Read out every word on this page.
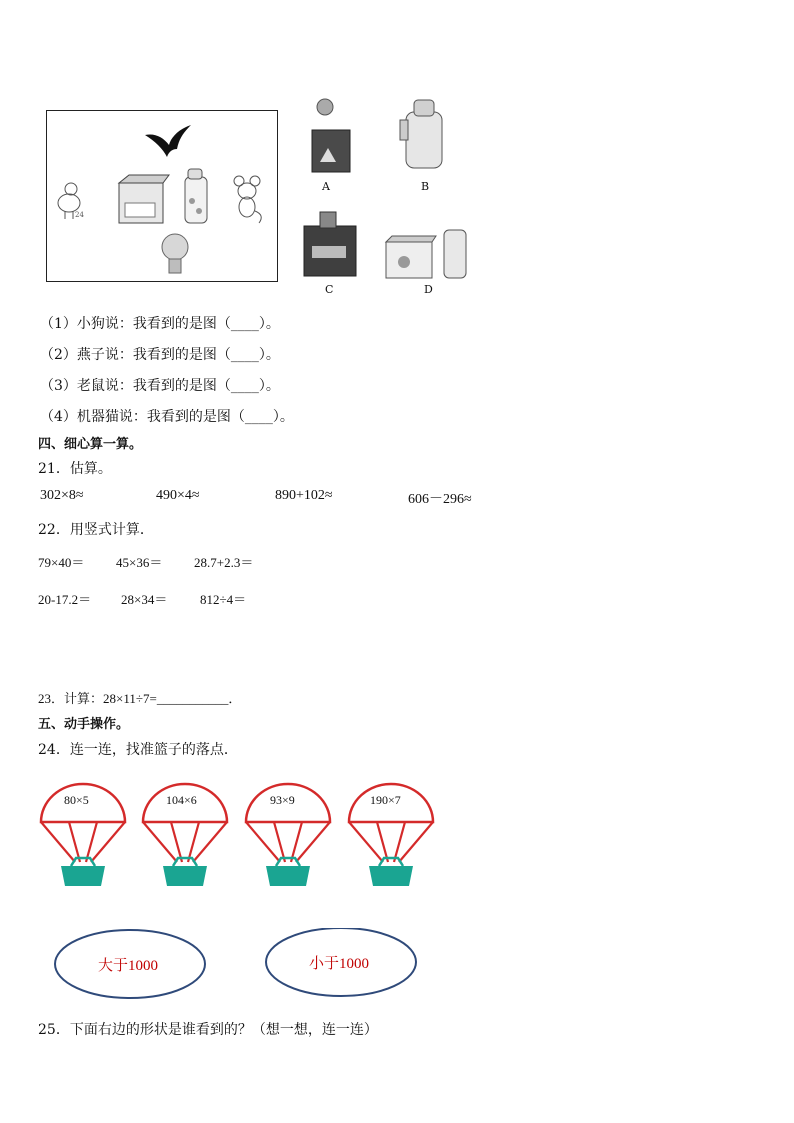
24
A	B
C	D
（1）小狗说：我看到的是图（____）。
（2）燕子说：我看到的是图（____）。
（3）老鼠说：我看到的是图（____）。
（4）机器猫说：我看到的是图（____）。
四、细心算一算。
21．估算。
302×8≈	490×4≈	890+102≈	606－296≈
22．用竖式计算．
79×40＝ 45×36＝ 28.7+2.3＝
20-17.2＝ 28×34＝	812÷4＝
23．计算：28×11÷7=___________．
五、动手操作。
24．连一连，找准篮子的落点．
80×5	104×6	93×9	190×7
大于1000	小于1000
25．下面右边的形状是谁看到的？（想一想，连一连）
